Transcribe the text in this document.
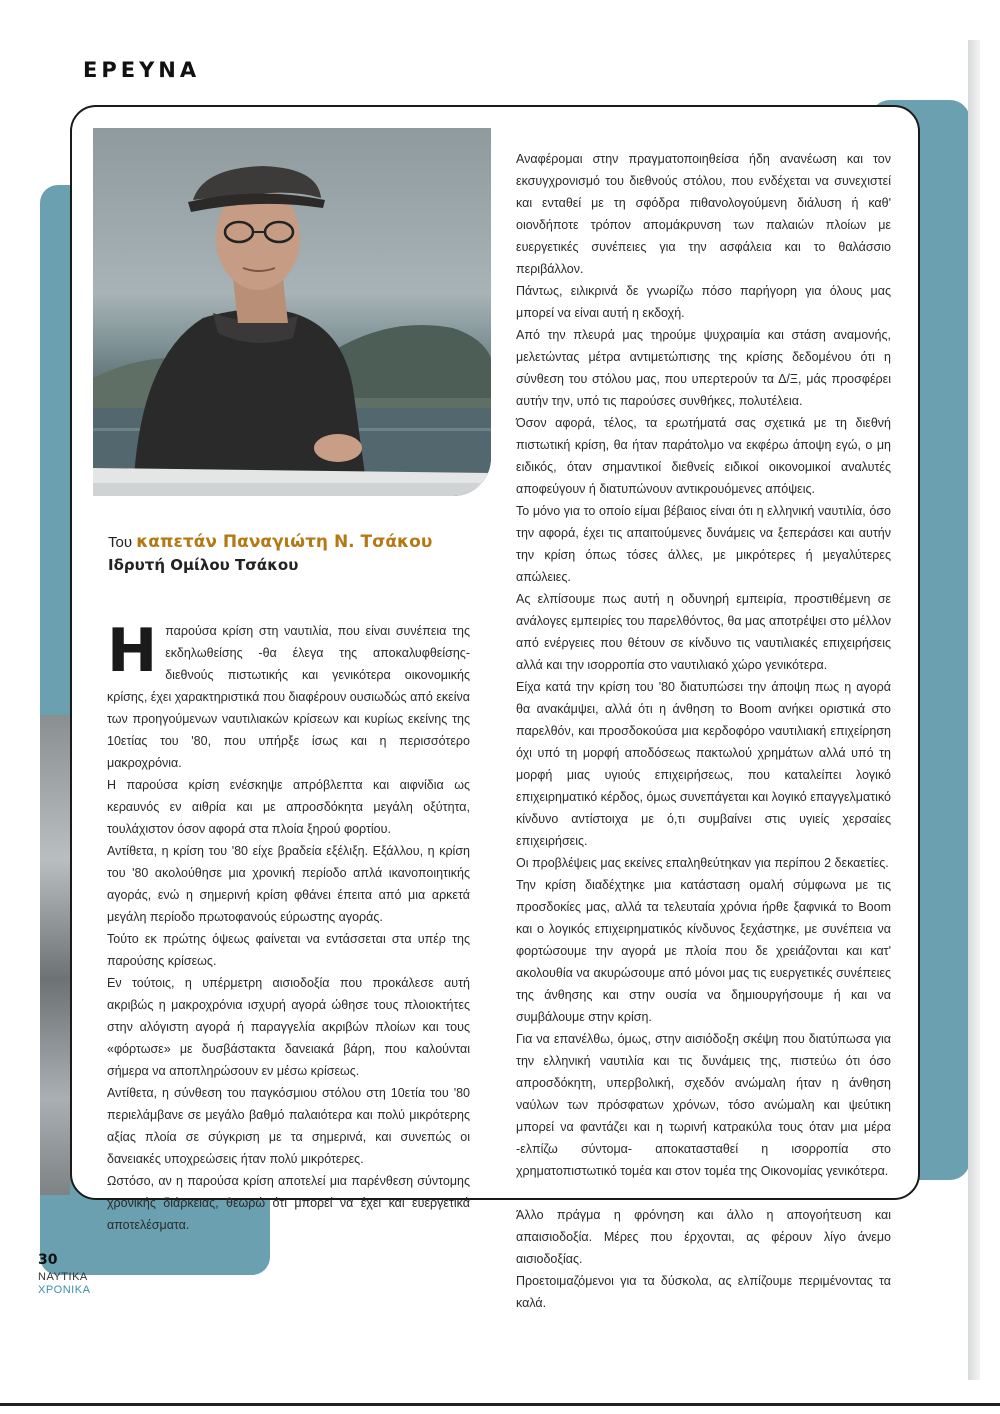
ΕΡΕΥΝΑ
Του καπετάν Παναγιώτη Ν. Τσάκου
Ιδρυτή Ομίλου Τσάκου

Ηπαρούσα κρίση στη ναυτιλία, που είναι συνέπεια της εκδηλωθείσης -θα έλεγα της αποκαλυφθείσης- διεθνούς πιστωτικής και γενικότερα οικονομικής κρίσης, έχει χαρακτηριστικά που διαφέρουν ουσιωδώς από εκείνα των προηγούμενων ναυτιλιακών κρίσεων και κυρίως εκείνης της 10ετίας του '80, που υπήρξε ίσως και η περισσότερο μακροχρόνια.

Η παρούσα κρίση ενέσκηψε απρόβλεπτα και αιφνίδια ως κεραυνός εν αιθρία και με απροσδόκητα μεγάλη οξύτητα, τουλάχιστον όσον αφορά στα πλοία ξηρού φορτίου.

Αντίθετα, η κρίση του '80 είχε βραδεία εξέλιξη. Εξάλλου, η κρίση του '80 ακολούθησε μια χρονική περίοδο απλά ικανοποιητικής αγοράς, ενώ η σημερινή κρίση φθάνει έπειτα από μια αρκετά μεγάλη περίοδο πρωτοφανούς εύρωστης αγοράς.

Τούτο εκ πρώτης όψεως φαίνεται να εντάσσεται στα υπέρ της παρούσης κρίσεως.

Εν τούτοις, η υπέρμετρη αισιοδοξία που προκάλεσε αυτή ακριβώς η μακροχρόνια ισχυρή αγορά ώθησε τους πλοιοκτήτες στην αλόγιστη αγορά ή παραγγελία ακριβών πλοίων και τους «φόρτωσε» με δυσβάστακτα δανειακά βάρη, που καλούνται σήμερα να αποπληρώσουν εν μέσω κρίσεως.

Αντίθετα, η σύνθεση του παγκόσμιου στόλου στη 10ετία του '80 περιελάμβανε σε μεγάλο βαθμό παλαιότερα και πολύ μικρότερης αξίας πλοία σε σύγκριση με τα σημερινά, και συνεπώς οι δανειακές υποχρεώσεις ήταν πολύ μικρότερες.

Ωστόσο, αν η παρούσα κρίση αποτελεί μια παρένθεση σύντομης χρονικής διάρκειας, θεωρώ ότι μπορεί να έχει και ευεργετικά αποτελέσματα.

Αναφέρομαι στην πραγματοποιηθείσα ήδη ανανέωση και τον εκσυγχρονισμό του διεθνούς στόλου, που ενδέχεται να συνεχιστεί και ενταθεί με τη σφόδρα πιθανολογούμενη διάλυση ή καθ' οιονδήποτε τρόπον απομάκρυνση των παλαιών πλοίων με ευεργετικές συνέπειες για την ασφάλεια και το θαλάσσιο περιβάλλον.

Πάντως, ειλικρινά δε γνωρίζω πόσο παρήγορη για όλους μας μπορεί να είναι αυτή η εκδοχή.

Από την πλευρά μας τηρούμε ψυχραιμία και στάση αναμονής, μελετώντας μέτρα αντιμετώπισης της κρίσης δεδομένου ότι η σύνθεση του στόλου μας, που υπερτερούν τα Δ/Ξ, μάς προσφέρει αυτήν την, υπό τις παρούσες συνθήκες, πολυτέλεια.

Όσον αφορά, τέλος, τα ερωτήματά σας σχετικά με τη διεθνή πιστωτική κρίση, θα ήταν παράτολμο να εκφέρω άποψη εγώ, ο μη ειδικός, όταν σημαντικοί διεθνείς ειδικοί οικονομικοί αναλυτές αποφεύγουν ή διατυπώνουν αντικρουόμενες απόψεις.

Το μόνο για το οποίο είμαι βέβαιος είναι ότι η ελληνική ναυτιλία, όσο την αφορά, έχει τις απαιτούμενες δυνάμεις να ξεπεράσει και αυτήν την κρίση όπως τόσες άλλες, με μικρότερες ή μεγαλύτερες απώλειες.

Ας ελπίσουμε πως αυτή η οδυνηρή εμπειρία, προστιθέμενη σε ανάλογες εμπειρίες του παρελθόντος, θα μας αποτρέψει στο μέλλον από ενέργειες που θέτουν σε κίνδυνο τις ναυτιλιακές επιχειρήσεις αλλά και την ισορροπία στο ναυτιλιακό χώρο γενικότερα.

Είχα κατά την κρίση του '80 διατυπώσει την άποψη πως η αγορά θα ανακάμψει, αλλά ότι η άνθηση το Boom ανήκει οριστικά στο παρελθόν, και προσδοκούσα μια κερδοφόρο ναυτιλιακή επιχείρηση όχι υπό τη μορφή αποδόσεως πακτωλού χρημάτων αλλά υπό τη μορφή μιας υγιούς επιχειρήσεως, που καταλείπει λογικό επιχειρηματικό κέρδος, όμως συνεπάγεται και λογικό επαγγελματικό κίνδυνο αντίστοιχα με ό,τι συμβαίνει στις υγιείς χερσαίες επιχειρήσεις.

Οι προβλέψεις μας εκείνες επαληθεύτηκαν για περίπου 2 δεκαετίες.

Την κρίση διαδέχτηκε μια κατάσταση ομαλή σύμφωνα με τις προσδοκίες μας, αλλά τα τελευταία χρόνια ήρθε ξαφνικά το Boom και ο λογικός επιχειρηματικός κίνδυνος ξεχάστηκε, με συνέπεια να φορτώσουμε την αγορά με πλοία που δε χρειάζονται και κατ' ακολουθία να ακυρώσουμε από μόνοι μας τις ευεργετικές συνέπειες της άνθησης και στην ουσία να δημιουργήσουμε ή και να συμβάλουμε στην κρίση.

Για να επανέλθω, όμως, στην αισιόδοξη σκέψη που διατύπωσα για την ελληνική ναυτιλία και τις δυνάμεις της, πιστεύω ότι όσο απροσδόκητη, υπερβολική, σχεδόν ανώμαλη ήταν η άνθηση ναύλων των πρόσφατων χρόνων, τόσο ανώμαλη και ψεύτικη μπορεί να φαντάζει και η τωρινή κατρακύλα τους όταν μια μέρα -ελπίζω σύντομα- αποκατασταθεί η ισορροπία στο χρηματοπιστωτικό τομέα και στον τομέα της Οικονομίας γενικότερα.

Άλλο πράγμα η φρόνηση και άλλο η απογοήτευση και απαισιοδοξία. Μέρες που έρχονται, ας φέρουν λίγο άνεμο αισιοδοξίας.

Προετοιμαζόμενοι για τα δύσκολα, ας ελπίζουμε περιμένοντας τα καλά.

30
ΝΑΥΤΙΚΑ
ΧΡΟΝΙΚΑ
